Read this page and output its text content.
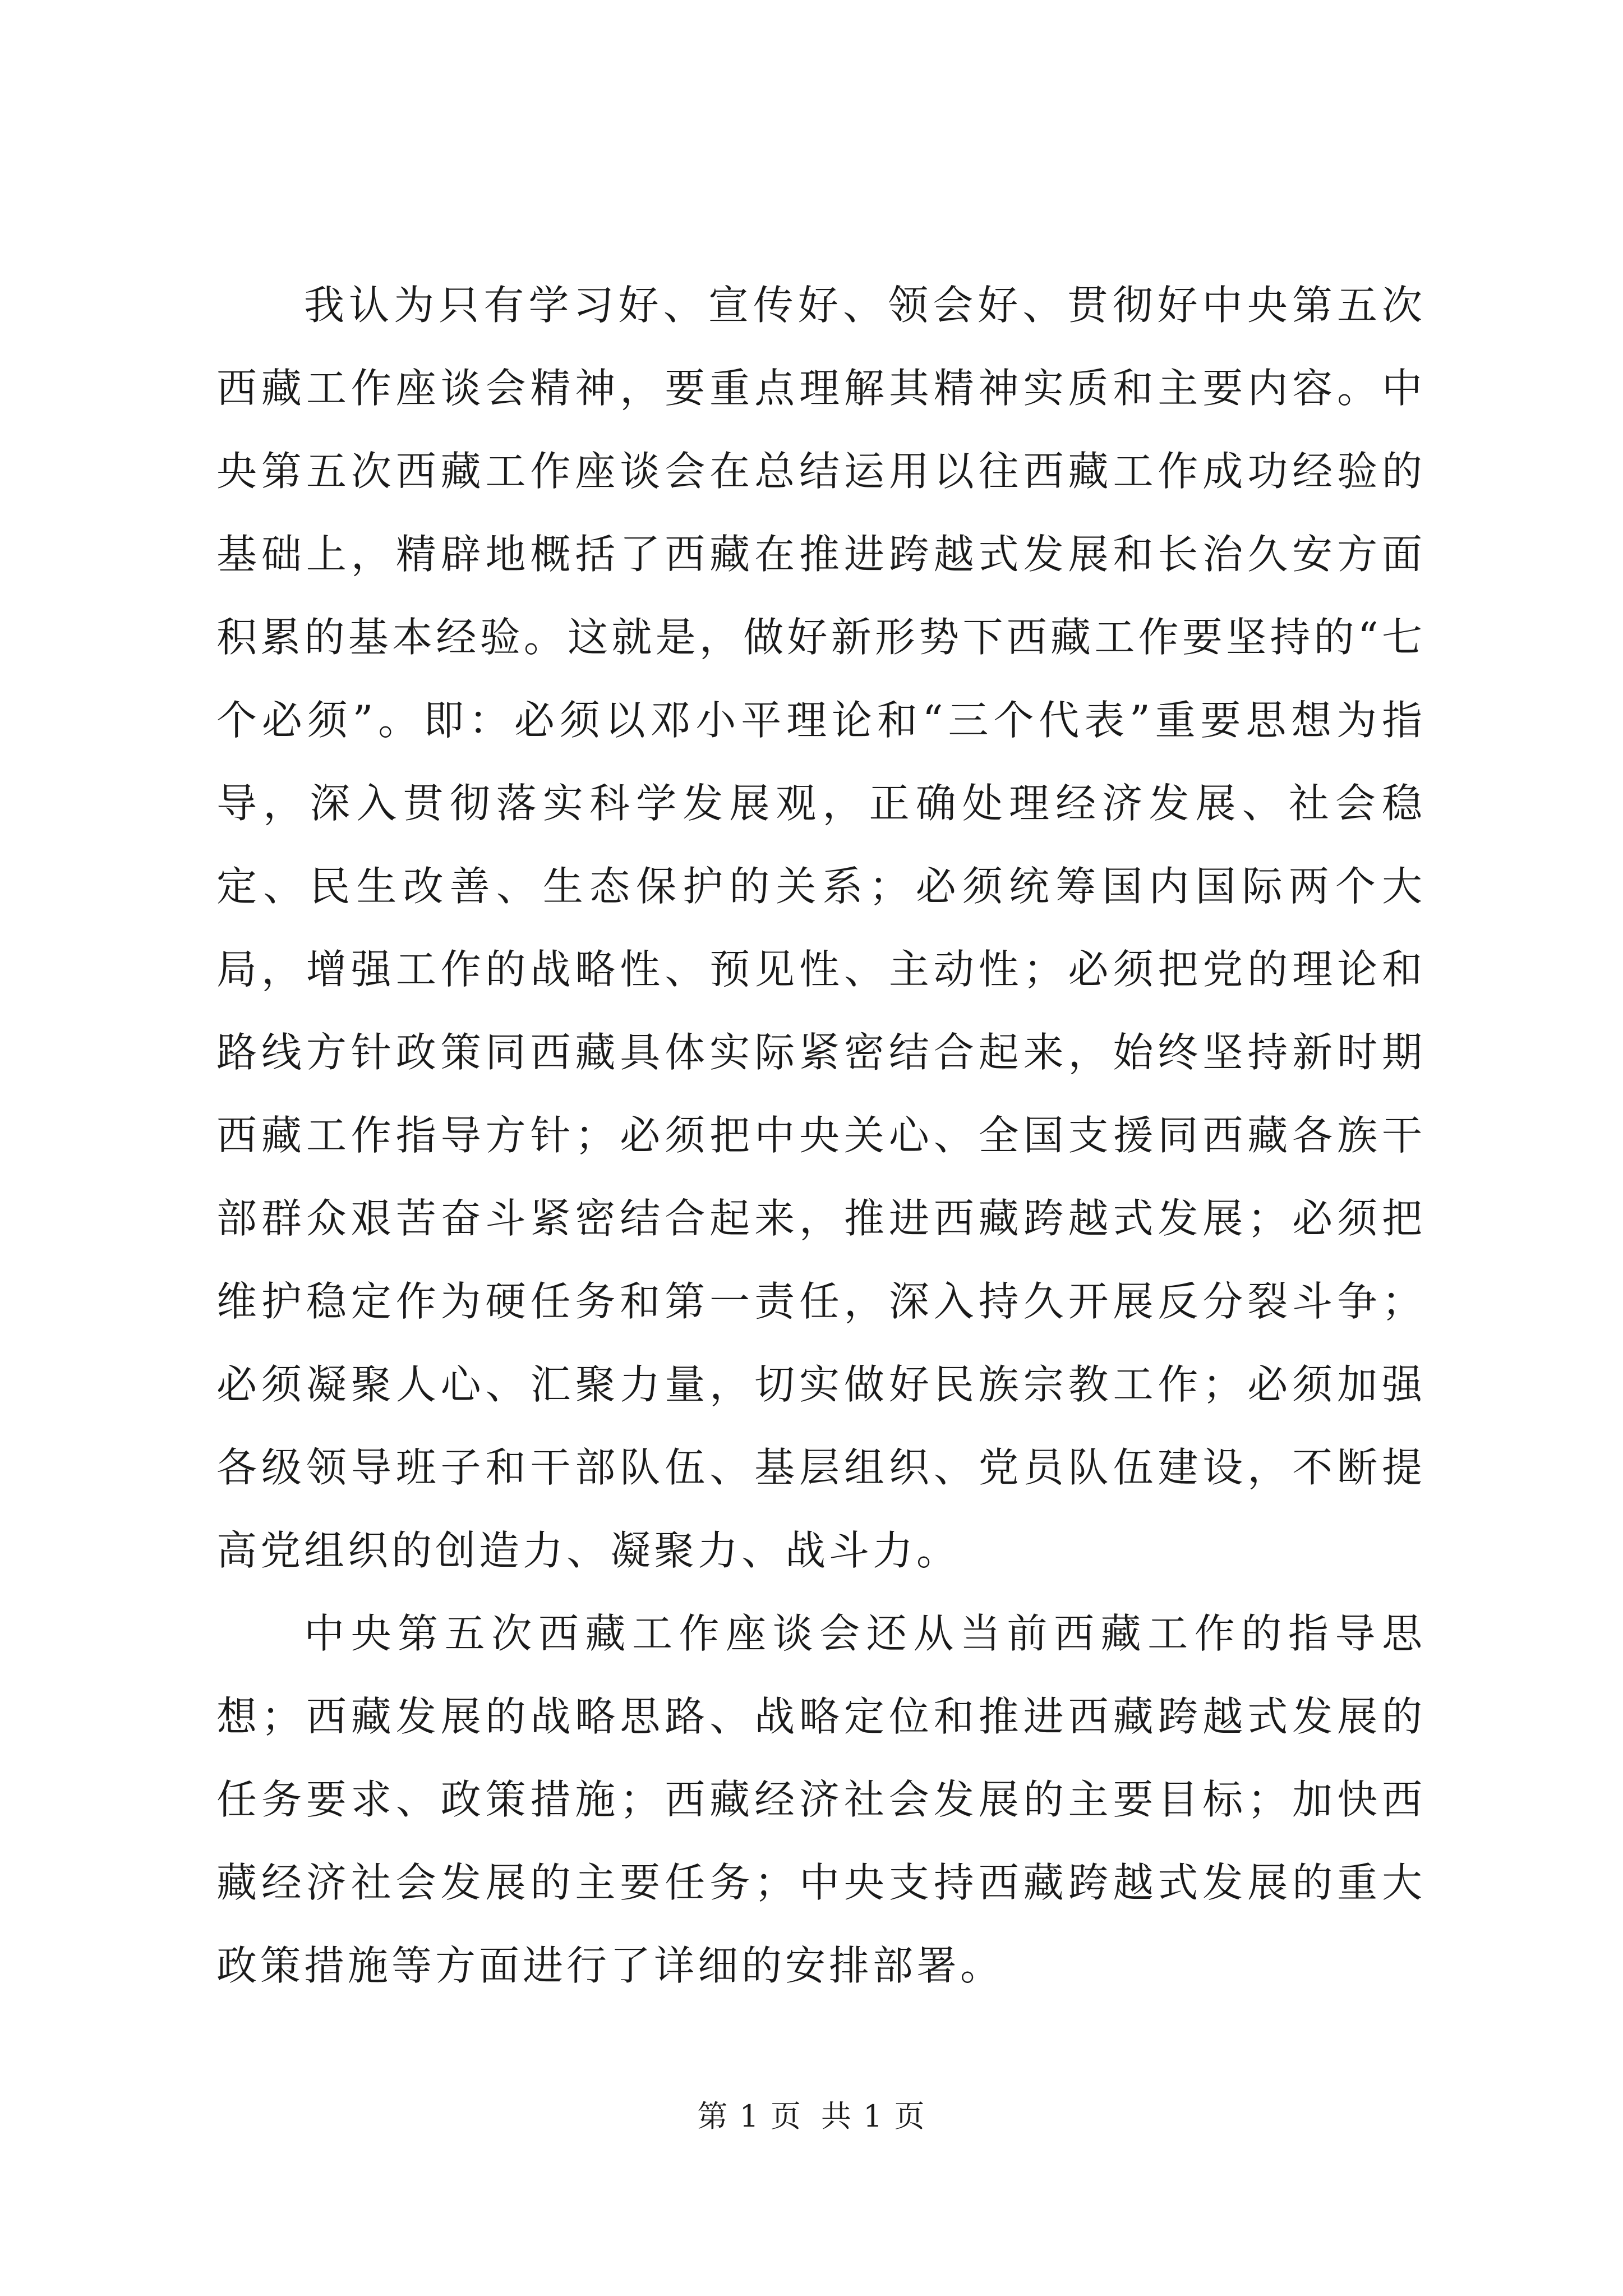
我认为只有学习好、宣传好、领会好、贯彻好中央第五次西藏工作座谈会精神，要重点理解其精神实质和主要内容。中央第五次西藏工作座谈会在总结运用以往西藏工作成功经验的基础上，精辟地概括了西藏在推进跨越式发展和长治久安方面积累的基本经验。这就是，做好新形势下西藏工作要坚持的“七个必须”。即：必须以邓小平理论和“三个代表”重要思想为指导，深入贯彻落实科学发展观，正确处理经济发展、社会稳定、民生改善、生态保护的关系；必须统筹国内国际两个大局，增强工作的战略性、预见性、主动性；必须把党的理论和路线方针政策同西藏具体实际紧密结合起来，始终坚持新时期西藏工作指导方针；必须把中央关心、全国支援同西藏各族干部群众艰苦奋斗紧密结合起来，推进西藏跨越式发展；必须把维护稳定作为硬任务和第一责任，深入持久开展反分裂斗争；必须凝聚人心、汇聚力量，切实做好民族宗教工作；必须加强各级领导班子和干部队伍、基层组织、党员队伍建设，不断提高党组织的创造力、凝聚力、战斗力。

中央第五次西藏工作座谈会还从当前西藏工作的指导思想；西藏发展的战略思路、战略定位和推进西藏跨越式发展的任务要求、政策措施；西藏经济社会发展的主要目标；加快西藏经济社会发展的主要任务；中央支持西藏跨越式发展的重大政策措施等方面进行了详细的安排部署。

第 1 页 共 1 页
